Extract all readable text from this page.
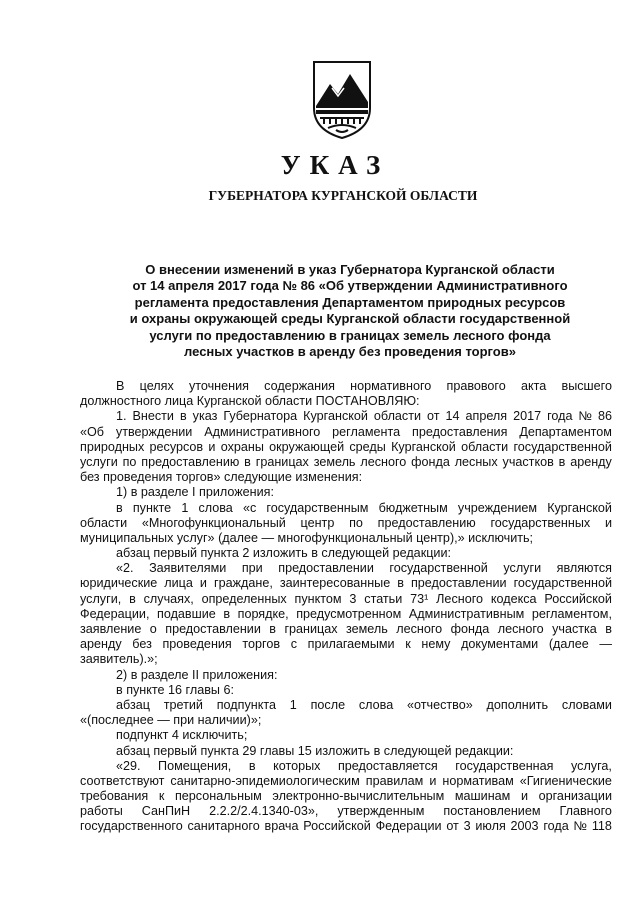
УКАЗ
ГУБЕРНАТОРА КУРГАНСКОЙ ОБЛАСТИ
О внесении изменений в указ Губернатора Курганской области
от 14 апреля 2017 года № 86 «Об утверждении Административного
регламента предоставления Департаментом природных ресурсов
и охраны окружающей среды Курганской области государственной
услуги по предоставлению в границах земель лесного фонда
лесных участков в аренду без проведения торгов»
В целях уточнения содержания нормативного правового акта высшего
должностного лица Курганской области ПОСТАНОВЛЯЮ:
1. Внести в указ Губернатора Курганской области от 14 апреля 2017 года № 86
«Об утверждении Административного регламента предоставления Департаментом
природных ресурсов и охраны окружающей среды Курганской области государственной
услуги по предоставлению в границах земель лесного фонда лесных участков в аренду
без проведения торгов» следующие изменения:
1) в разделе I приложения:
в пункте 1 слова «с государственным бюджетным учреждением Курганской
области «Многофункциональный центр по предоставлению государственных и
муниципальных услуг» (далее — многофункциональный центр),» исключить;
абзац первый пункта 2 изложить в следующей редакции:
«2. Заявителями при предоставлении государственной услуги являются
юридические лица и граждане, заинтересованные в предоставлении государственной
услуги, в случаях, определенных пунктом 3 статьи 73¹ Лесного кодекса Российской
Федерации, подавшие в порядке, предусмотренном Административным регламентом,
заявление о предоставлении в границах земель лесного фонда лесного участка в
аренду без проведения торгов с прилагаемыми к нему документами (далее —
заявитель).»;
2) в разделе II приложения:
в пункте 16 главы 6:
абзац третий подпункта 1 после слова «отчество» дополнить словами
«(последнее — при наличии)»;
подпункт 4 исключить;
абзац первый пункта 29 главы 15 изложить в следующей редакции:
«29. Помещения, в которых предоставляется государственная услуга,
соответствуют санитарно-эпидемиологическим правилам и нормативам «Гигиенические
требования к персональным электронно-вычислительным машинам и организации
работы СанПиН 2.2.2/2.4.1340-03», утвержденным постановлением Главного
государственного санитарного врача Российской Федерации от 3 июля 2003 года № 118
